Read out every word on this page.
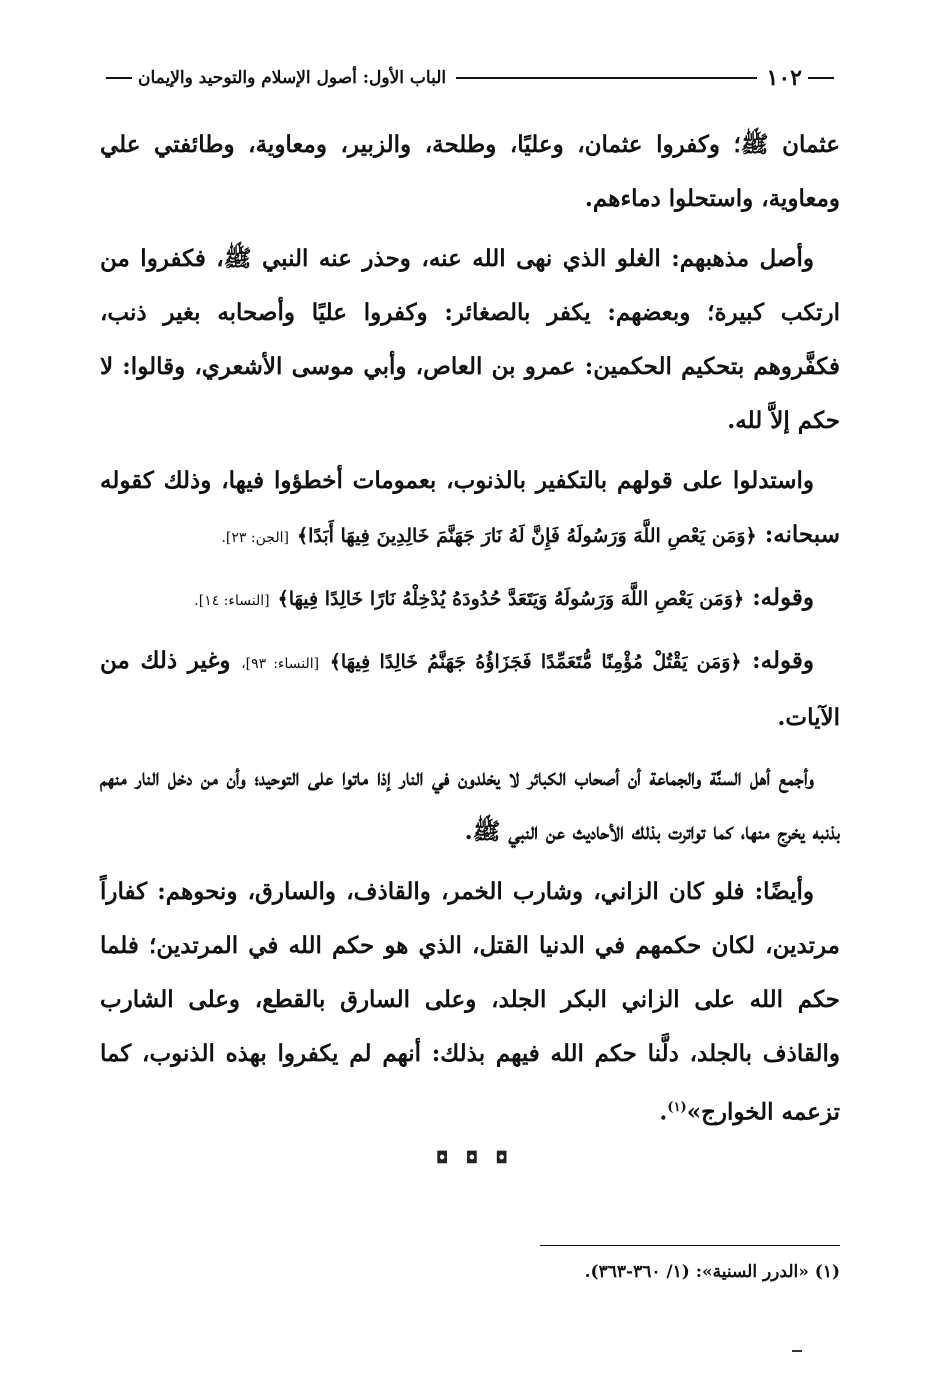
١٠٢
الباب الأول: أصول الإسلام والتوحيد والإيمان

عثمان ﷺ؛ وكفروا عثمان، وعليًا، وطلحة، والزبير، ومعاوية، وطائفتي علي ومعاوية، واستحلوا دماءهم.

وأصل مذهبهم: الغلو الذي نهى الله عنه، وحذر عنه النبي ﷺ، فكفروا من ارتكب كبيرة؛ وبعضهم: يكفر بالصغائر: وكفروا عليًا وأصحابه بغير ذنب، فكفَّروهم بتحكيم الحكمين: عمرو بن العاص، وأبي موسى الأشعري، وقالوا: لا حكم إلاَّ لله.

واستدلوا على قولهم بالتكفير بالذنوب، بعمومات أخطؤوا فيها، وذلك كقوله سبحانه: ﴿وَمَن يَعْصِ اللَّهَ وَرَسُولَهُ فَإِنَّ لَهُ نَارَ جَهَنَّمَ خَالِدِينَ فِيهَا أَبَدًا﴾ [الجن: ٢٣].

وقوله: ﴿وَمَن يَعْصِ اللَّهَ وَرَسُولَهُ وَيَتَعَدَّ حُدُودَهُ يُدْخِلْهُ نَارًا خَالِدًا فِيهَا﴾ [النساء: ١٤].

وقوله: ﴿وَمَن يَقْتُلْ مُؤْمِنًا مُّتَعَمِّدًا فَجَزَاؤُهُ جَهَنَّمُ خَالِدًا فِيهَا﴾ [النساء: ٩٣]، وغير ذلك من الآيات.

وأجمع أهل السنَّة والجماعة أن أصحاب الكبائر لا يخلدون في النار إذا ماتوا على التوحيد؛ وأن من دخل النار منهم بذنبه يخرج منها، كما تواترت بذلك الأحاديث عن النبي ﷺ.

وأيضًا: فلو كان الزاني، وشارب الخمر، والقاذف، والسارق، ونحوهم: كفاراً مرتدين، لكان حكمهم في الدنيا القتل، الذي هو حكم الله في المرتدين؛ فلما حكم الله على الزاني البكر الجلد، وعلى السارق بالقطع، وعلى الشارب والقاذف بالجلد، دلَّنا حكم الله فيهم بذلك: أنهم لم يكفروا بهذه الذنوب، كما تزعمه الخوارج»$^{(١)}$.

◘ ◘ ◘
(١) «الدرر السنية»: (١/ ٣٦٠-٣٦٣).
